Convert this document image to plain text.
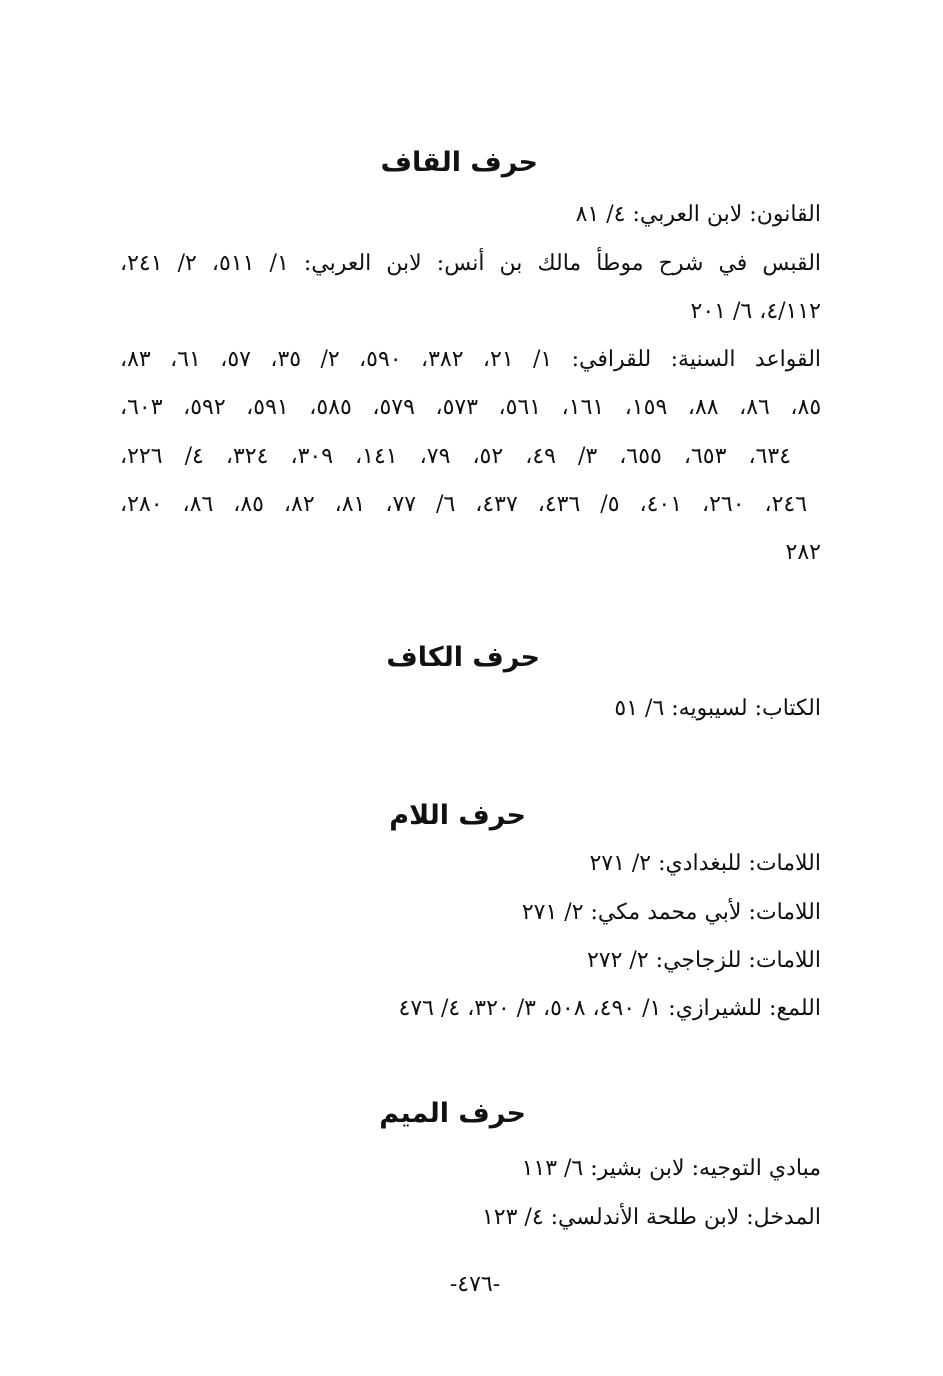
حرف القاف
القانون: لابن العربي: ٤/ ٨١
القبس في شرح موطأ مالك بن أنس: لابن العربي: ١/ ٥١١، ٢/ ٢٤١،
٤/١١٢، ٦/ ٢٠١
القواعد السنية: للقرافي: ١/ ٢١، ٣٨٢، ٥٩٠، ٢/ ٣٥، ٥٧، ٦١، ٨٣،
٨٥، ٨٦، ٨٨، ١٥٩، ١٦١، ٥٦١، ٥٧٣، ٥٧٩، ٥٨٥، ٥٩١، ٥٩٢، ٦٠٣،
٦٣٤، ٦٥٣، ٦٥٥، ٣/ ٤٩، ٥٢، ٧٩، ١٤١، ٣٠٩، ٣٢٤، ٤/ ٢٢٦،
٢٤٦، ٢٦٠، ٤٠١، ٥/ ٤٣٦، ٤٣٧، ٦/ ٧٧، ٨١، ٨٢، ٨٥، ٨٦، ٢٨٠،
٢٨٢
حرف الكاف
الكتاب: لسيبويه: ٦/ ٥١
حرف اللام
اللامات: للبغدادي: ٢/ ٢٧١
اللامات: لأبي محمد مكي: ٢/ ٢٧١
اللامات: للزجاجي: ٢/ ٢٧٢
اللمع: للشيرازي: ١/ ٤٩٠، ٥٠٨، ٣/ ٣٢٠، ٤/ ٤٧٦
حرف الميم
مبادي التوجيه: لابن بشير: ٦/ ١١٣
المدخل: لابن طلحة الأندلسي: ٤/ ١٢٣
-٤٧٦-
